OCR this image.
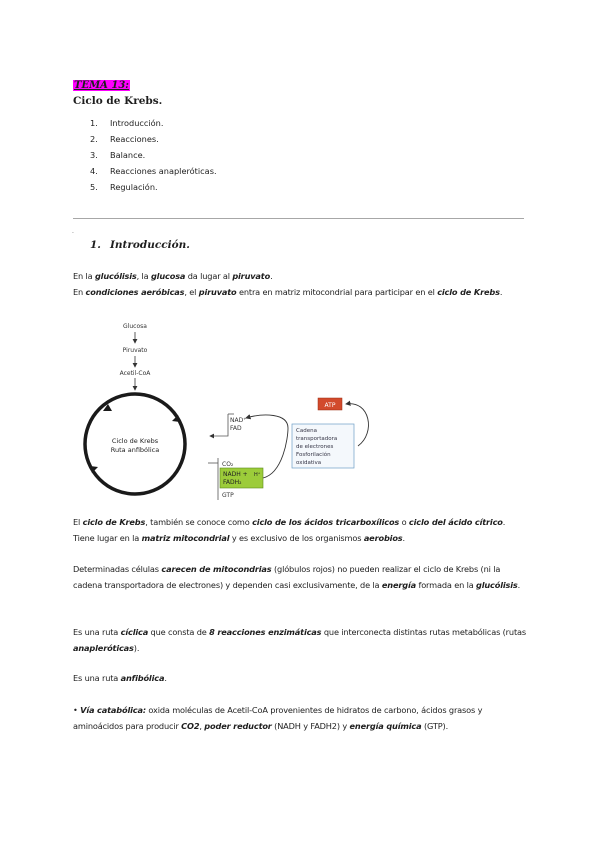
TEMA 13:
Ciclo de Krebs.
1.	Introducción.
2.	Reacciones.
3.	Balance.
4.	Reacciones anapleróticas.
5.	Regulación.
.
1. Introducción.
En la glucólisis, la glucosa da lugar al piruvato.
En condiciones aeróbicas, el piruvato entra en matriz mitocondrial para participar en el ciclo de Krebs.
Glucosa
Piruvato
Acetil-CoA
Ciclo de Krebs
Ruta anfibólica
NAD⁺
FAD
CO₂
NADH + H⁺
FADH₂
GTP
Cadena
transportadora
de electrones
Fosforilación
oxidativa
ATP
El ciclo de Krebs, también se conoce como ciclo de los ácidos tricarboxílicos o ciclo del ácido cítrico. Tiene lugar en la matriz mitocondrial y es exclusivo de los organismos aerobios.
Determinadas células carecen de mitocondrias (glóbulos rojos) no pueden realizar el ciclo de Krebs (ni la cadena transportadora de electrones) y dependen casi exclusivamente, de la energía formada en la glucólisis.
Es una ruta cíclica que consta de 8 reacciones enzimáticas que interconecta distintas rutas metabólicas (rutas anapleróticas).
Es una ruta anfibólica.
• Vía catabólica: oxida moléculas de Acetil-CoA provenientes de hidratos de carbono, ácidos grasos y aminoácidos para producir CO2, poder reductor (NADH y FADH2) y energía química (GTP).
